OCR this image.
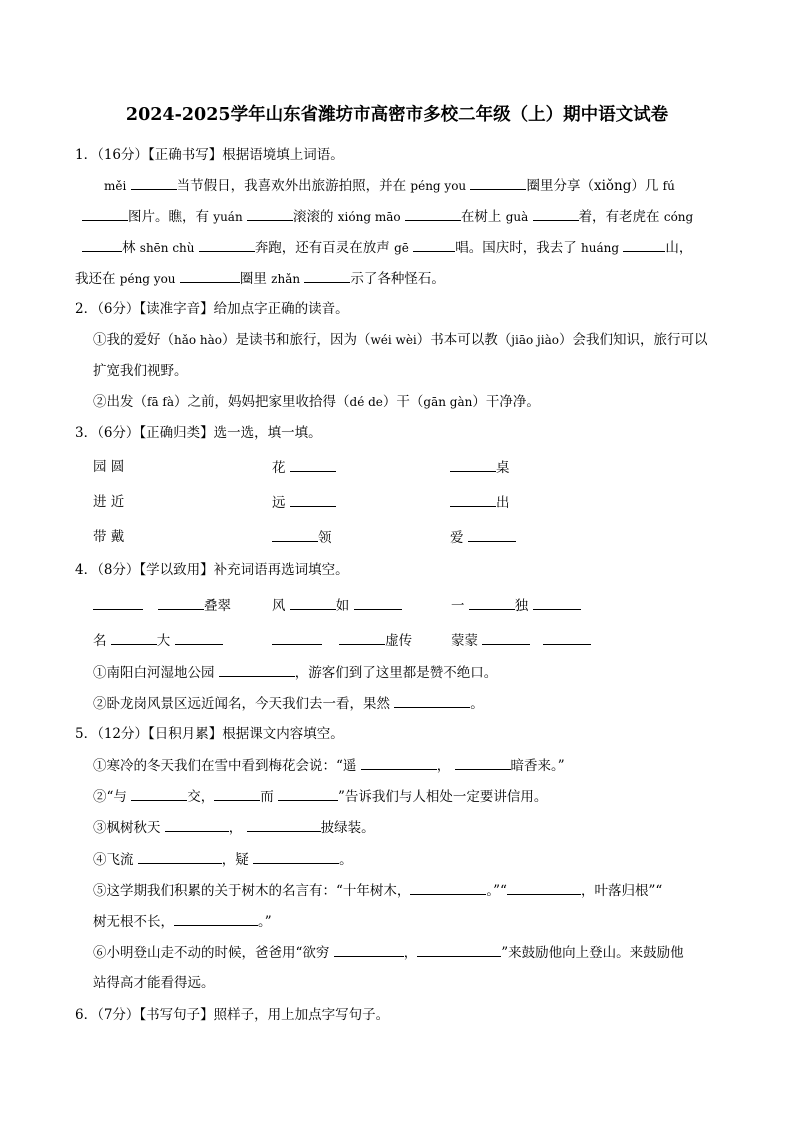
2024-2025学年山东省潍坊市高密市多校二年级（上）期中语文试卷
1．（16分）【正确书写】根据语境填上词语。
měi	当节假日，我喜欢外出旅游拍照，并在 péng you	圈里分享（xiǒng）几 fú
图片。瞧，有 yuán	滚滚的 xióng māo	在树上 guà	着，有老虎在 cóng
林 shēn chù	奔跑，还有百灵在放声 gē	唱。国庆时，我去了 huáng	山，
我还在 péng you	圈里 zhǎn	示了各种怪石。
2．（6分）【读准字音】给加点字正确的读音。
①我的爱好（hǎo hào）是读书和旅行，因为（wéi wèi）书本可以教（jiāo jiào）会我们知识，旅行可以
扩宽我们视野。
②出发（fā fà）之前，妈妈把家里收拾得（dé de）干（gān gàn）干净净。
3．（6分）【正确归类】选一选，填一填。
园 圆	花	桌
进 近	远	出
带 戴	领	爱
4．（8分）【学以致用】补充词语再选词填空。
叠翠	风	如	一	独
名	大	虚传	蒙蒙
①南阳白河湿地公园	，游客们到了这里都是赞不绝口。
②卧龙岗风景区远近闻名，今天我们去一看，果然	。
5．（12分）【日积月累】根据课文内容填空。
①寒冷的冬天我们在雪中看到梅花会说：“遥	，	暗香来。”
②“与	交，	而	”告诉我们与人相处一定要讲信用。
③枫树秋天	，	披绿装。
④飞流	，疑	。
⑤这学期我们积累的关于树木的名言有：“十年树木，	。”“	，叶落归根”“
树无根不长，	。”
⑥小明登山走不动的时候，爸爸用“欲穷	，	”来鼓励他向上登山。来鼓励他
站得高才能看得远。
6．（7分）【书写句子】照样子，用上加点字写句子。
